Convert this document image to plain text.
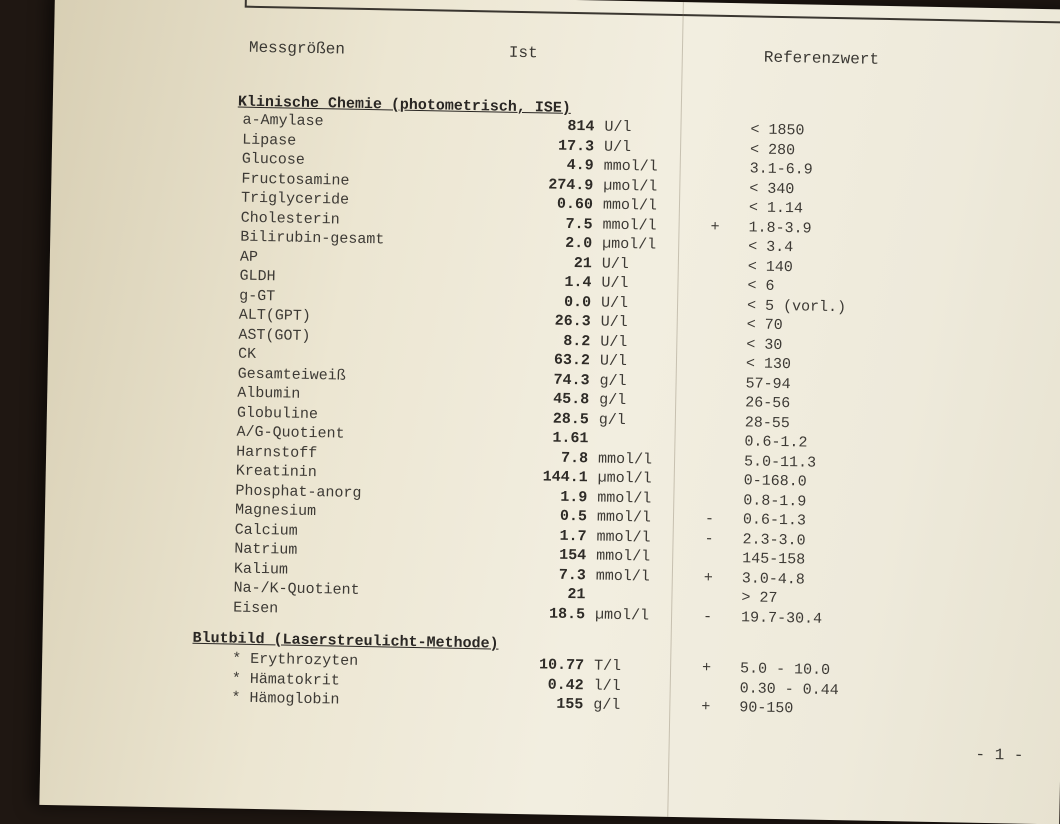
Messgrößen	Ist	Referenzwert
Klinische Chemie (photometrisch, ISE)
a-Amylase	814 U/l	< 1850
Lipase	17.3 U/l	< 280
Glucose	4.9 mmol/l	3.1-6.9
Fructosamine	274.9 µmol/l	< 340
Triglyceride	0.60 mmol/l	< 1.14
Cholesterin	7.5 mmol/l	+ 1.8-3.9
Bilirubin-gesamt	2.0 µmol/l	< 3.4
AP	21 U/l	< 140
GLDH	1.4 U/l	< 6
g-GT	0.0 U/l	< 5 (vorl.)
ALT(GPT)	26.3 U/l	< 70
AST(GOT)	8.2 U/l	< 30
CK	63.2 U/l	< 130
Gesamteiweiß	74.3 g/l	57-94
Albumin	45.8 g/l	26-56
Globuline	28.5 g/l	28-55
A/G-Quotient	1.61	0.6-1.2
Harnstoff	7.8 mmol/l	5.0-11.3
Kreatinin	144.1 µmol/l	0-168.0
Phosphat-anorg	1.9 mmol/l	0.8-1.9
Magnesium	0.5 mmol/l	- 0.6-1.3
Calcium	1.7 mmol/l	- 2.3-3.0
Natrium	154 mmol/l	145-158
Kalium	7.3 mmol/l	+ 3.0-4.8
Na-/K-Quotient	21	> 27
Eisen	18.5 µmol/l	- 19.7-30.4
Blutbild (Laserstreulicht-Methode)
* Erythrozyten	10.77 T/l	+ 5.0 - 10.0
* Hämatokrit	0.42 l/l	0.30 - 0.44
* Hämoglobin	155 g/l	+ 90-150
- 1 -
